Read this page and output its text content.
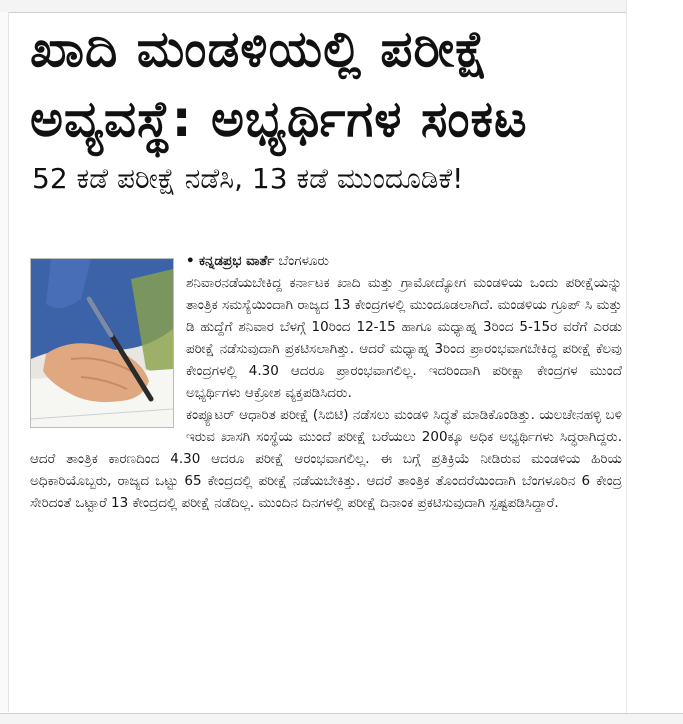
ಖಾದಿ ಮಂಡಳಿಯಲ್ಲಿ ಪರೀಕ್ಷೆ ಅವ್ಯವಸ್ಥೆ: ಅಭ್ಯರ್ಥಿಗಳ ಸಂಕಟ

52 ಕಡೆ ಪರೀಕ್ಷೆ ನಡೆಸಿ, 13 ಕಡೆ ಮುಂದೂಡಿಕೆ!

• ಕನ್ನಡಪ್ರಭ ವಾರ್ತೆ ಬೆಂಗಳೂರು

ಶನಿವಾರನಡೆಯಬೇಕಿದ್ದ ಕರ್ನಾಟಕ ಖಾದಿ ಮತ್ತು ಗ್ರಾಮೋದ್ಯೋಗ ಮಂಡಳಿಯ ಒಂದು ಪರೀಕ್ಷೆಯನ್ನು ತಾಂತ್ರಿಕ ಸಮಸ್ಯೆಯಿಂದಾಗಿ ರಾಜ್ಯದ 13 ಕೇಂದ್ರಗಳಲ್ಲಿ ಮುಂದೂಡಲಾಗಿದೆ. ಮಂಡಳಿಯ ಗ್ರೂಪ್ ಸಿ ಮತ್ತು ಡಿ ಹುದ್ದೆಗೆ ಶನಿವಾರ ಬೆಳಗ್ಗೆ 10ರಿಂದ 12-15 ಹಾಗೂ ಮಧ್ಯಾಹ್ನ 3ರಿಂದ 5-15ರ ವರೆಗೆ ಎರಡು ಪರೀಕ್ಷೆ ನಡೆಸುವುದಾಗಿ ಪ್ರಕಟಿಸಲಾಗಿತ್ತು. ಆದರೆ ಮಧ್ಯಾಹ್ನ 3ರಿಂದ ಪ್ರಾರಂಭವಾಗಬೇಕಿದ್ದ ಪರೀಕ್ಷೆ ಕೆಲವು ಕೇಂದ್ರಗಳಲ್ಲಿ 4.30 ಆದರೂ ಪ್ರಾರಂಭವಾಗಲಿಲ್ಲ. ಇದರಿಂದಾಗಿ ಪರೀಕ್ಷಾ ಕೇಂದ್ರಗಳ ಮುಂದೆ ಅಭ್ಯರ್ಥಿಗಳು ಆಕ್ರೋಶ ವ್ಯಕ್ತಪಡಿಸಿದರು.

ಕಂಪ್ಯೂಟರ್ ಆಧಾರಿತ ಪರೀಕ್ಷೆ (ಸಿಬಿಟಿ) ನಡೆಸಲು ಮಂಡಳಿ ಸಿದ್ಧತೆ ಮಾಡಿಕೊಂಡಿತ್ತು. ಯಲಚೇನಹಳ್ಳಿ ಬಳಿ ಇರುವ ಖಾಸಗಿ ಸಂಸ್ಥೆಯ ಮುಂದೆ ಪರೀಕ್ಷೆ ಬರೆಯಲು 200ಕ್ಕೂ ಅಧಿಕ ಅಭ್ಯರ್ಥಿಗಳು ಸಿದ್ಧರಾಗಿದ್ದರು. ಆದರೆ ತಾಂತ್ರಿಕ ಕಾರಣದಿಂದ 4.30 ಆದರೂ ಪರೀಕ್ಷೆ ಆರಂಭವಾಗಲಿಲ್ಲ. ಈ ಬಗ್ಗೆ ಪ್ರತಿಕ್ರಿಯೆ ನೀಡಿರುವ ಮಂಡಳಿಯ ಹಿರಿಯ ಅಧಿಕಾರಿಯೊಬ್ಬರು, ರಾಜ್ಯದ ಒಟ್ಟು 65 ಕೇಂದ್ರದಲ್ಲಿ ಪರೀಕ್ಷೆ ನಡೆಯಬೇಕಿತ್ತು. ಆದರೆ ತಾಂತ್ರಿಕ ತೊಂದರೆಯಿಂದಾಗಿ ಬೆಂಗಳೂರಿನ 6 ಕೇಂದ್ರ ಸೇರಿದಂತೆ ಒಟ್ಟಾರೆ 13 ಕೇಂದ್ರದಲ್ಲಿ ಪರೀಕ್ಷೆ ನಡೆದಿಲ್ಲ. ಮುಂದಿನ ದಿನಗಳಲ್ಲಿ ಪರೀಕ್ಷೆ ದಿನಾಂಕ ಪ್ರಕಟಿಸುವುದಾಗಿ ಸ್ಪಷ್ಟಪಡಿಸಿದ್ದಾರೆ.
